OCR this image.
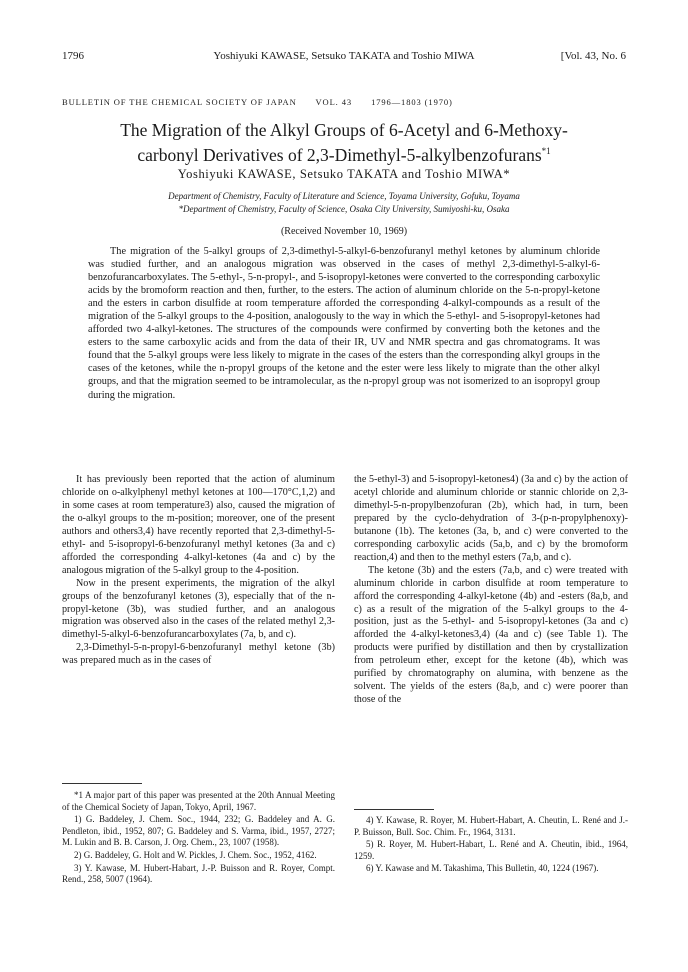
1796	Yoshiyuki KAWASE, Setsuko TAKATA and Toshio MIWA	[Vol. 43, No. 6
BULLETIN OF THE CHEMICAL SOCIETY OF JAPAN VOL. 43 1796—1803 (1970)
The Migration of the Alkyl Groups of 6-Acetyl and 6-Methoxy-
carbonyl Derivatives of 2,3-Dimethyl-5-alkylbenzofurans$^{*1}$
Yoshiyuki KAWASE, Setsuko TAKATA and Toshio MIWA*
Department of Chemistry, Faculty of Literature and Science, Toyama University, Gofuku, Toyama
*Department of Chemistry, Faculty of Science, Osaka City University, Sumiyoshi-ku, Osaka
(Received November 10, 1969)
The migration of the 5-alkyl groups of 2,3-dimethyl-5-alkyl-6-benzofuranyl methyl ketones by aluminum chloride was studied further, and an analogous migration was observed in the cases of methyl 2,3-dimethyl-5-alkyl-6-benzofurancarboxylates. The 5-ethyl-, 5-n-propyl-, and 5-isopropyl-ketones were converted to the corresponding carboxylic acids by the bromoform reaction and then, further, to the esters. The action of aluminum chloride on the 5-n-propyl-ketone and the esters in carbon disulfide at room temperature afforded the corresponding 4-alkyl-compounds as a result of the migration of the 5-alkyl groups to the 4-position, analogously to the way in which the 5-ethyl- and 5-isopropyl-ketones had afforded two 4-alkyl-ketones. The structures of the compounds were confirmed by converting both the ketones and the esters to the same carboxylic acids and from the data of their IR, UV and NMR spectra and gas chromatograms. It was found that the 5-alkyl groups were less likely to migrate in the cases of the esters than the corresponding alkyl groups in the cases of the ketones, while the n-propyl groups of the ketone and the ester were less likely to migrate than the other alkyl groups, and that the migration seemed to be intramolecular, as the n-propyl group was not isomerized to an isopropyl group during the migration.

It has previously been reported that the action of aluminum chloride on o-alkylphenyl methyl ketones at 100—170°C,1,2) and in some cases at room temperature3) also, caused the migration of the o-alkyl groups to the m-position; moreover, one of the present authors and others3,4) have recently reported that 2,3-dimethyl-5-ethyl- and 5-isopropyl-6-benzofuranyl methyl ketones (3a and c) afforded the corresponding 4-alkyl-ketones (4a and c) by the analogous migration of the 5-alkyl group to the 4-position.

Now in the present experiments, the migration of the alkyl groups of the benzofuranyl ketones (3), especially that of the n-propyl-ketone (3b), was studied further, and an analogous migration was observed also in the cases of the related methyl 2,3-dimethyl-5-alkyl-6-benzofurancarboxylates (7a, b, and c).

2,3-Dimethyl-5-n-propyl-6-benzofuranyl methyl ketone (3b) was prepared much as in the cases of

the 5-ethyl-3) and 5-isopropyl-ketones4) (3a and c) by the action of acetyl chloride and aluminum chloride or stannic chloride on 2,3-dimethyl-5-n-propylbenzofuran (2b), which had, in turn, been prepared by the cyclo-dehydration of 3-(p-n-propylphenoxy)-butanone (1b). The ketones (3a, b, and c) were converted to the corresponding carboxylic acids (5a,b, and c) by the bromoform reaction,4) and then to the methyl esters (7a,b, and c).

The ketone (3b) and the esters (7a,b, and c) were treated with aluminum chloride in carbon disulfide at room temperature to afford the corresponding 4-alkyl-ketone (4b) and -esters (8a,b, and c) as a result of the migration of the 5-alkyl groups to the 4-position, just as the 5-ethyl- and 5-isopropyl-ketones (3a and c) afforded the 4-alkyl-ketones3,4) (4a and c) (see Table 1). The products were purified by distillation and then by crystallization from petroleum ether, except for the ketone (4b), which was purified by chromatography on alumina, with benzene as the solvent. The yields of the esters (8a,b, and c) were poorer than those of the

*1 A major part of this paper was presented at the 20th Annual Meeting of the Chemical Society of Japan, Tokyo, April, 1967.

1) G. Baddeley, J. Chem. Soc., 1944, 232; G. Baddeley and A. G. Pendleton, ibid., 1952, 807; G. Baddeley and S. Varma, ibid., 1957, 2727; M. Lukin and B. B. Carson, J. Org. Chem., 23, 1007 (1958).

2) G. Baddeley, G. Holt and W. Pickles, J. Chem. Soc., 1952, 4162.

3) Y. Kawase, M. Hubert-Habart, J.-P. Buisson and R. Royer, Compt. Rend., 258, 5007 (1964).

4) Y. Kawase, R. Royer, M. Hubert-Habart, A. Cheutin, L. René and J.-P. Buisson, Bull. Soc. Chim. Fr., 1964, 3131.

5) R. Royer, M. Hubert-Habart, L. René and A. Cheutin, ibid., 1964, 1259.

6) Y. Kawase and M. Takashima, This Bulletin, 40, 1224 (1967).
